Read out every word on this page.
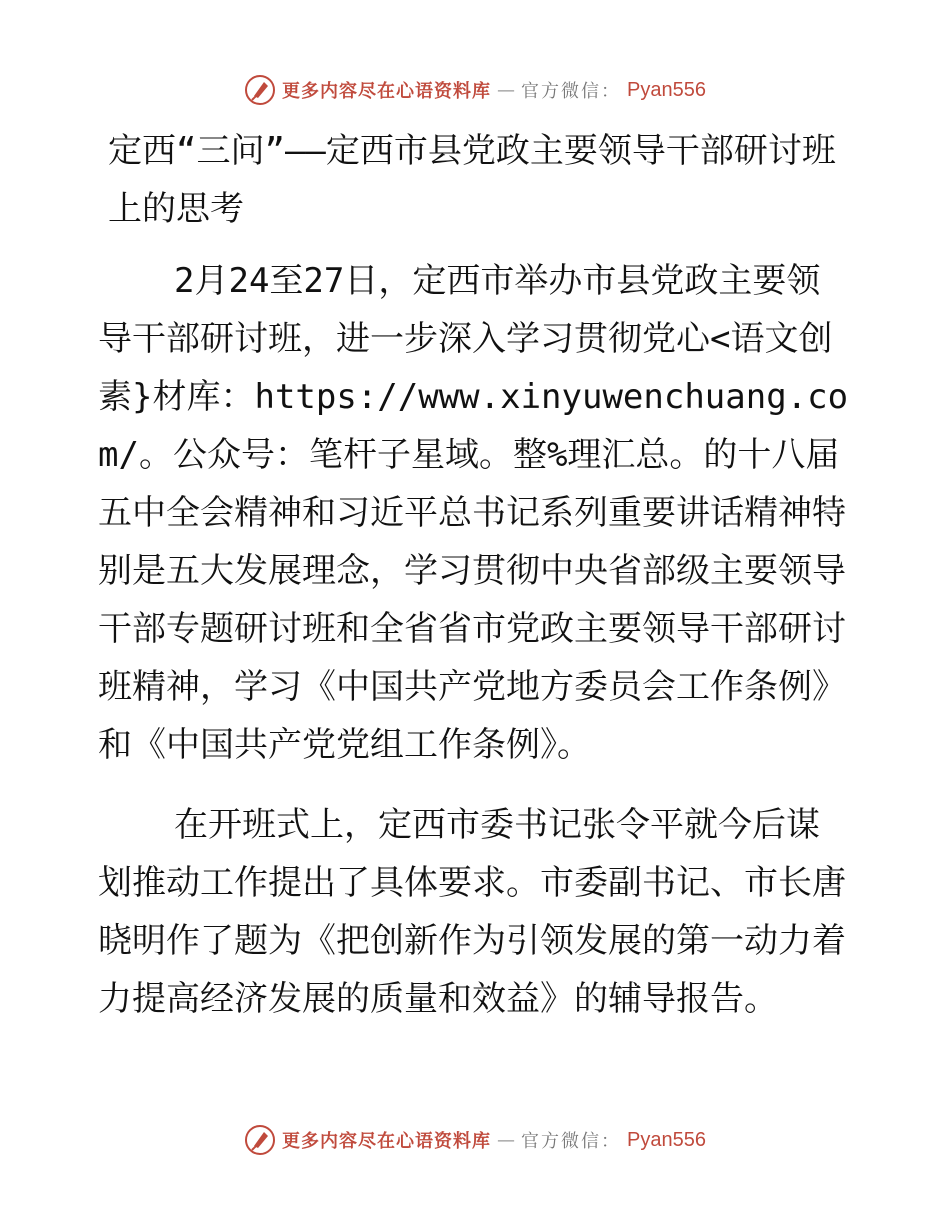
更多内容尽在心语资料库 — 官方微信： Pyan556
定西“三问”——定西市县党政主要领导干部研讨班上的思考

2月24至27日，定西市举办市县党政主要领导干部研讨班，进一步深入学习贯彻党心<语文创素}材库：https://www.xinyuwenchuang.com/。公众号：笔杆子星域。整%理汇总。的十八届五中全会精神和习近平总书记系列重要讲话精神特别是五大发展理念，学习贯彻中央省部级主要领导干部专题研讨班和全省省市党政主要领导干部研讨班精神，学习《中国共产党地方委员会工作条例》和《中国共产党党组工作条例》。

在开班式上，定西市委书记张令平就今后谋划推动工作提出了具体要求。市委副书记、市长唐晓明作了题为《把创新作为引领发展的第一动力着力提高经济发展的质量和效益》的辅导报告。

更多内容尽在心语资料库 — 官方微信： Pyan556
